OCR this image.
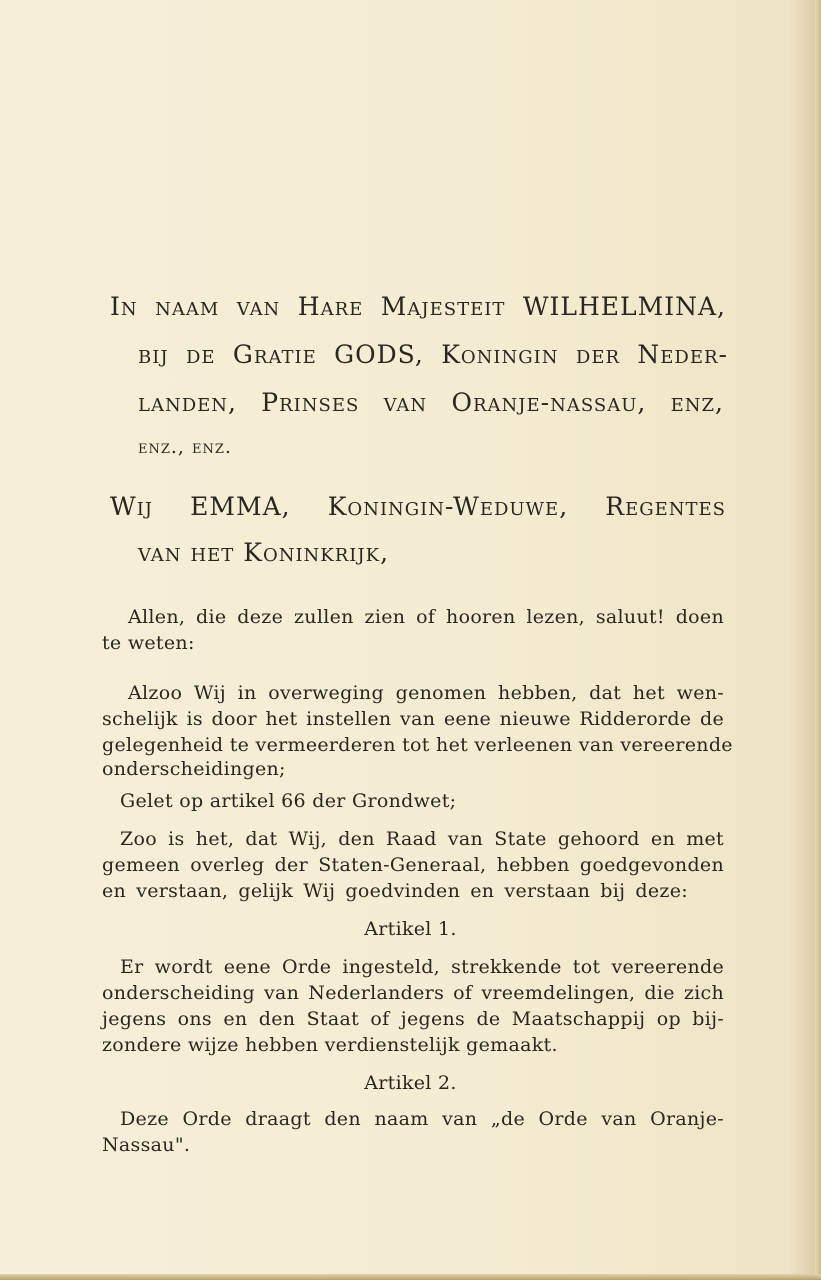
In naam van Hare Majesteit WILHELMINA,

bij de Gratie GODS, Koningin der Neder-

landen, Prinses van Oranje-nassau, enz,

enz., enz.

Wij EMMA, Koningin-Weduwe, Regentes

van het Koninkrijk,

Allen, die deze zullen zien of hooren lezen, saluut! doen

te weten:

Alzoo Wij in overweging genomen hebben, dat het wen-

schelijk is door het instellen van eene nieuwe Ridderorde de

gelegenheid te vermeerderen tot het verleenen van vereerende

onderscheidingen;

Gelet op artikel 66 der Grondwet;

Zoo is het, dat Wij, den Raad van State gehoord en met

gemeen overleg der Staten-Generaal, hebben goedgevonden

en verstaan, gelijk Wij goedvinden en verstaan bij deze:

Artikel 1.

Er wordt eene Orde ingesteld, strekkende tot vereerende

onderscheiding van Nederlanders of vreemdelingen, die zich

jegens ons en den Staat of jegens de Maatschappij op bij-

zondere wijze hebben verdienstelijk gemaakt.

Artikel 2.

Deze Orde draagt den naam van „de Orde van Oranje-

Nassau".
